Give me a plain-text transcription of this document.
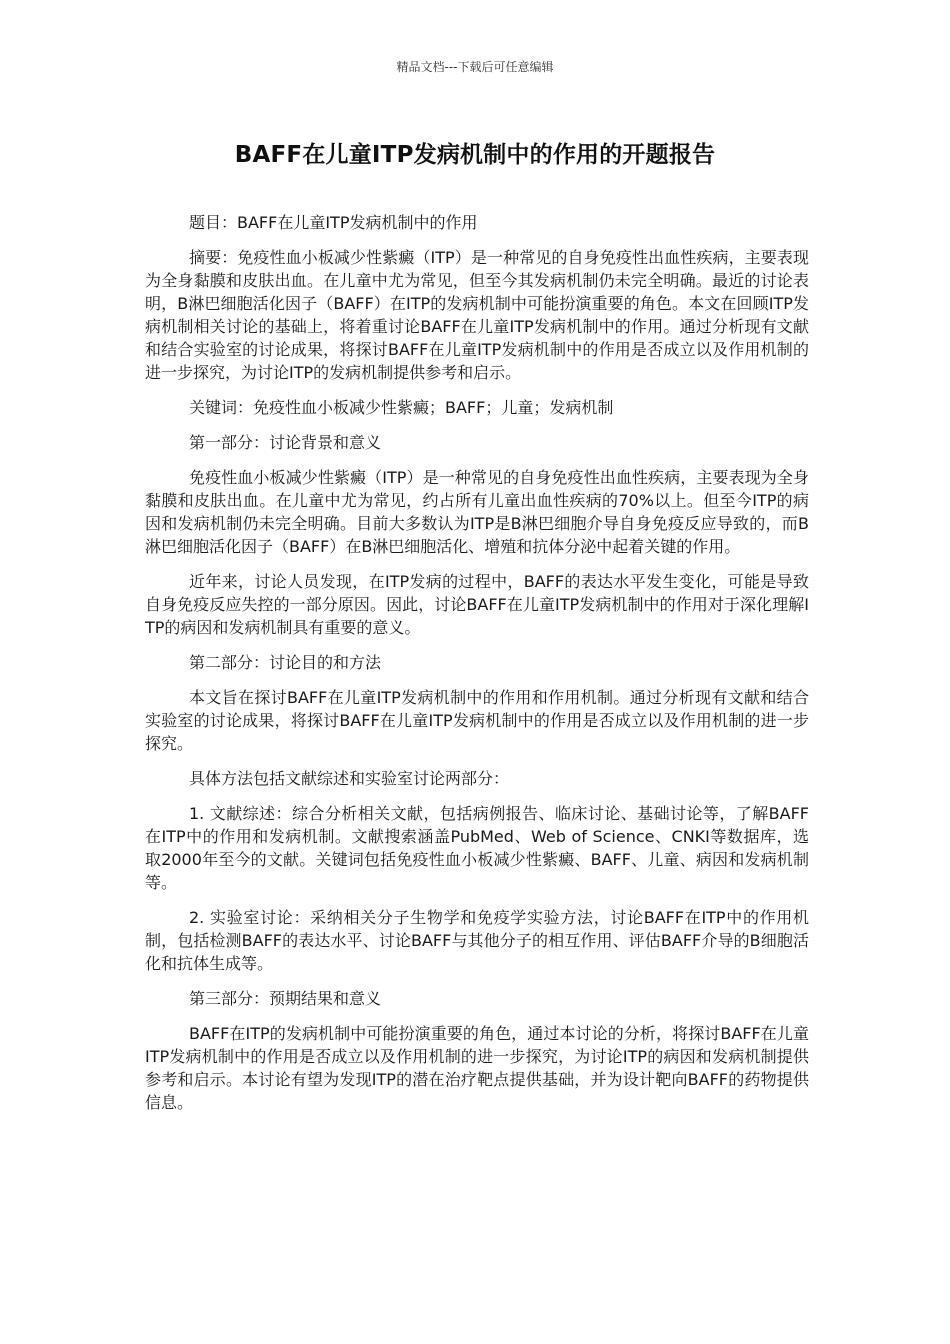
精品文档---下载后可任意编辑
BAFF在儿童ITP发病机制中的作用的开题报告

题目：BAFF在儿童ITP发病机制中的作用

摘要：免疫性血小板减少性紫癜（ITP）是一种常见的自身免疫性出血性疾病，主要表现为全身黏膜和皮肤出血。在儿童中尤为常见，但至今其发病机制仍未完全明确。最近的讨论表明，B淋巴细胞活化因子（BAFF）在ITP的发病机制中可能扮演重要的角色。本文在回顾ITP发病机制相关讨论的基础上，将着重讨论BAFF在儿童ITP发病机制中的作用。通过分析现有文献和结合实验室的讨论成果，将探讨BAFF在儿童ITP发病机制中的作用是否成立以及作用机制的进一步探究，为讨论ITP的发病机制提供参考和启示。

关键词：免疫性血小板减少性紫癜；BAFF；儿童；发病机制

第一部分：讨论背景和意义

免疫性血小板减少性紫癜（ITP）是一种常见的自身免疫性出血性疾病，主要表现为全身黏膜和皮肤出血。在儿童中尤为常见，约占所有儿童出血性疾病的70%以上。但至今ITP的病因和发病机制仍未完全明确。目前大多数认为ITP是B淋巴细胞介导自身免疫反应导致的，而B淋巴细胞活化因子（BAFF）在B淋巴细胞活化、增殖和抗体分泌中起着关键的作用。

近年来，讨论人员发现，在ITP发病的过程中，BAFF的表达水平发生变化，可能是导致自身免疫反应失控的一部分原因。因此，讨论BAFF在儿童ITP发病机制中的作用对于深化理解ITP的病因和发病机制具有重要的意义。

第二部分：讨论目的和方法

本文旨在探讨BAFF在儿童ITP发病机制中的作用和作用机制。通过分析现有文献和结合实验室的讨论成果，将探讨BAFF在儿童ITP发病机制中的作用是否成立以及作用机制的进一步探究。

具体方法包括文献综述和实验室讨论两部分：

1. 文献综述：综合分析相关文献，包括病例报告、临床讨论、基础讨论等，了解BAFF在ITP中的作用和发病机制。文献搜索涵盖PubMed、Web of Science、CNKI等数据库，选取2000年至今的文献。关键词包括免疫性血小板减少性紫癜、BAFF、儿童、病因和发病机制等。

2. 实验室讨论：采纳相关分子生物学和免疫学实验方法，讨论BAFF在ITP中的作用机制，包括检测BAFF的表达水平、讨论BAFF与其他分子的相互作用、评估BAFF介导的B细胞活化和抗体生成等。

第三部分：预期结果和意义

BAFF在ITP的发病机制中可能扮演重要的角色，通过本讨论的分析，将探讨BAFF在儿童ITP发病机制中的作用是否成立以及作用机制的进一步探究，为讨论ITP的病因和发病机制提供参考和启示。本讨论有望为发现ITP的潜在治疗靶点提供基础，并为设计靶向BAFF的药物提供信息。
